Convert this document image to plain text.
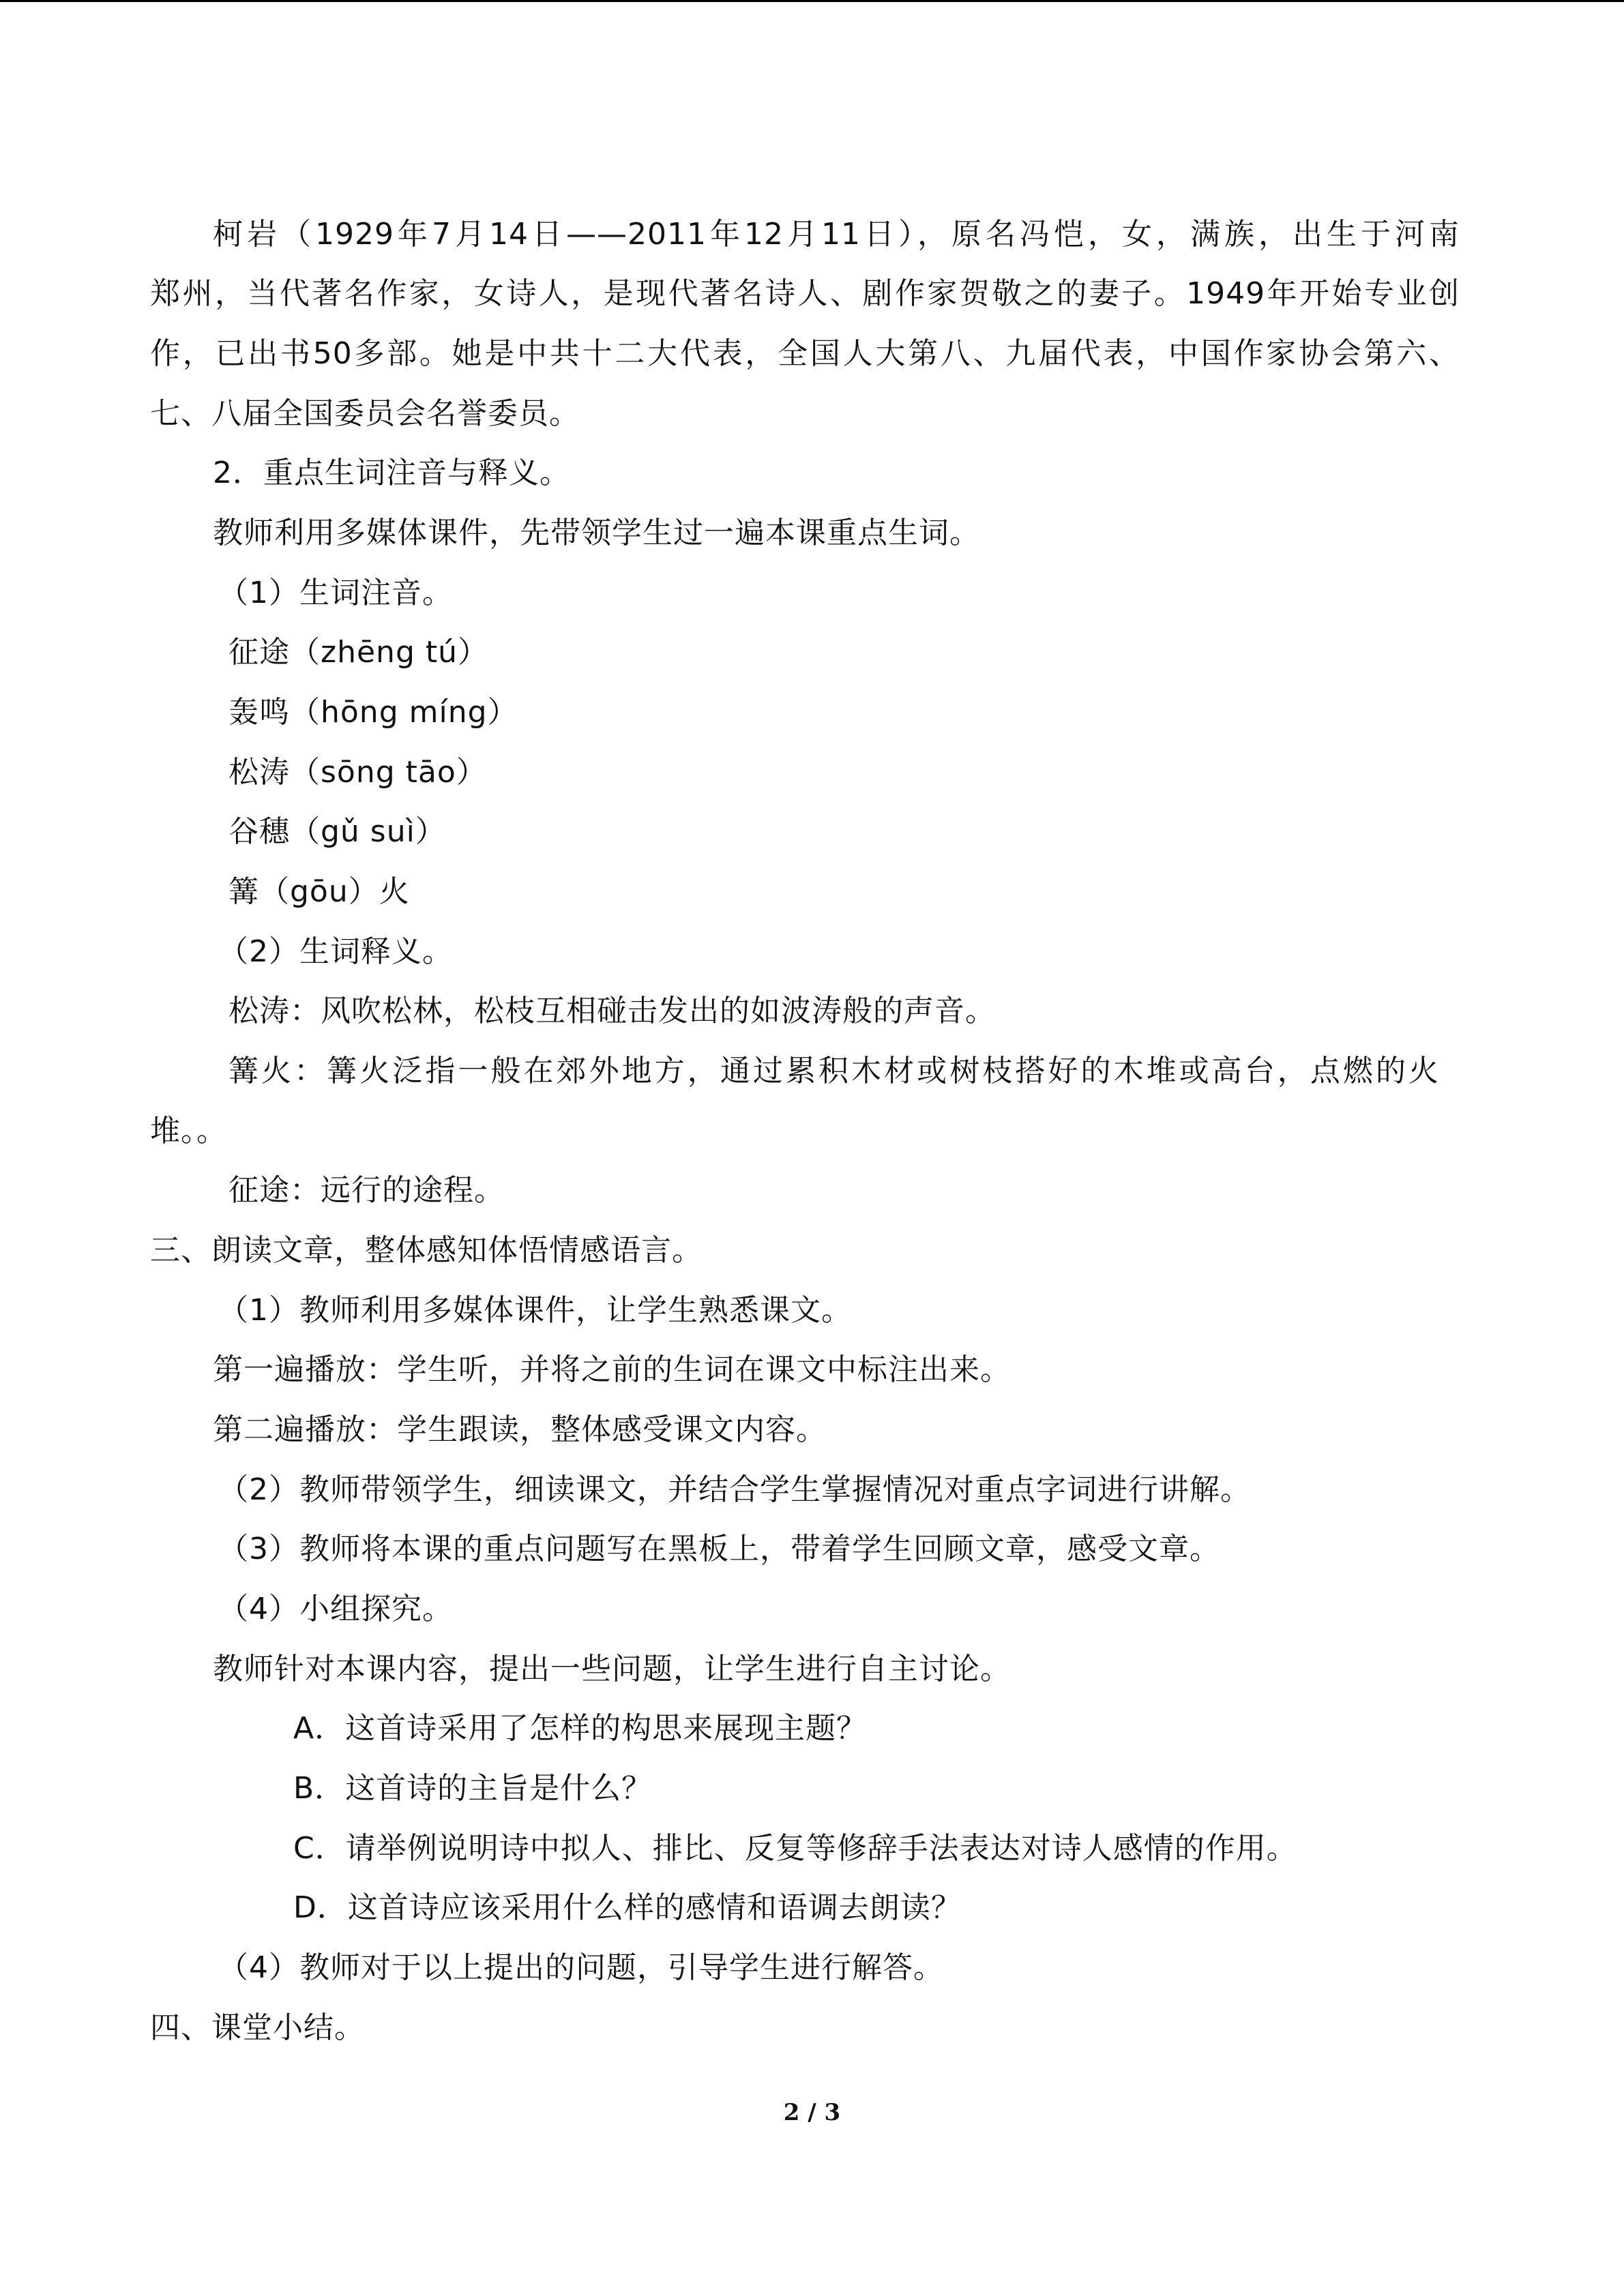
柯岩（1929年7月14日——2011年12月11日），原名冯恺，女，满族，出生于河南
郑州，当代著名作家，女诗人，是现代著名诗人、剧作家贺敬之的妻子。1949年开始专业创
作，已出书50多部。她是中共十二大代表，全国人大第八、九届代表，中国作家协会第六、
七、八届全国委员会名誉委员。
2．重点生词注音与释义。
教师利用多媒体课件，先带领学生过一遍本课重点生词。
（1）生词注音。
征途（zhēng tú）
轰鸣（hōng míng）
松涛（sōng tāo）
谷穗（gǔ suì）
篝（gōu）火
（2）生词释义。
松涛：风吹松林，松枝互相碰击发出的如波涛般的声音。
篝火：篝火泛指一般在郊外地方，通过累积木材或树枝搭好的木堆或高台，点燃的火
堆。。
征途：远行的途程。
三、朗读文章，整体感知体悟情感语言。
（1）教师利用多媒体课件，让学生熟悉课文。
第一遍播放：学生听，并将之前的生词在课文中标注出来。
第二遍播放：学生跟读，整体感受课文内容。
（2）教师带领学生，细读课文，并结合学生掌握情况对重点字词进行讲解。
（3）教师将本课的重点问题写在黑板上，带着学生回顾文章，感受文章。
（4）小组探究。
教师针对本课内容，提出一些问题，让学生进行自主讨论。
A．这首诗采用了怎样的构思来展现主题？
B．这首诗的主旨是什么？
C．请举例说明诗中拟人、排比、反复等修辞手法表达对诗人感情的作用。
D．这首诗应该采用什么样的感情和语调去朗读？
（4）教师对于以上提出的问题，引导学生进行解答。
四、课堂小结。
2 / 3
